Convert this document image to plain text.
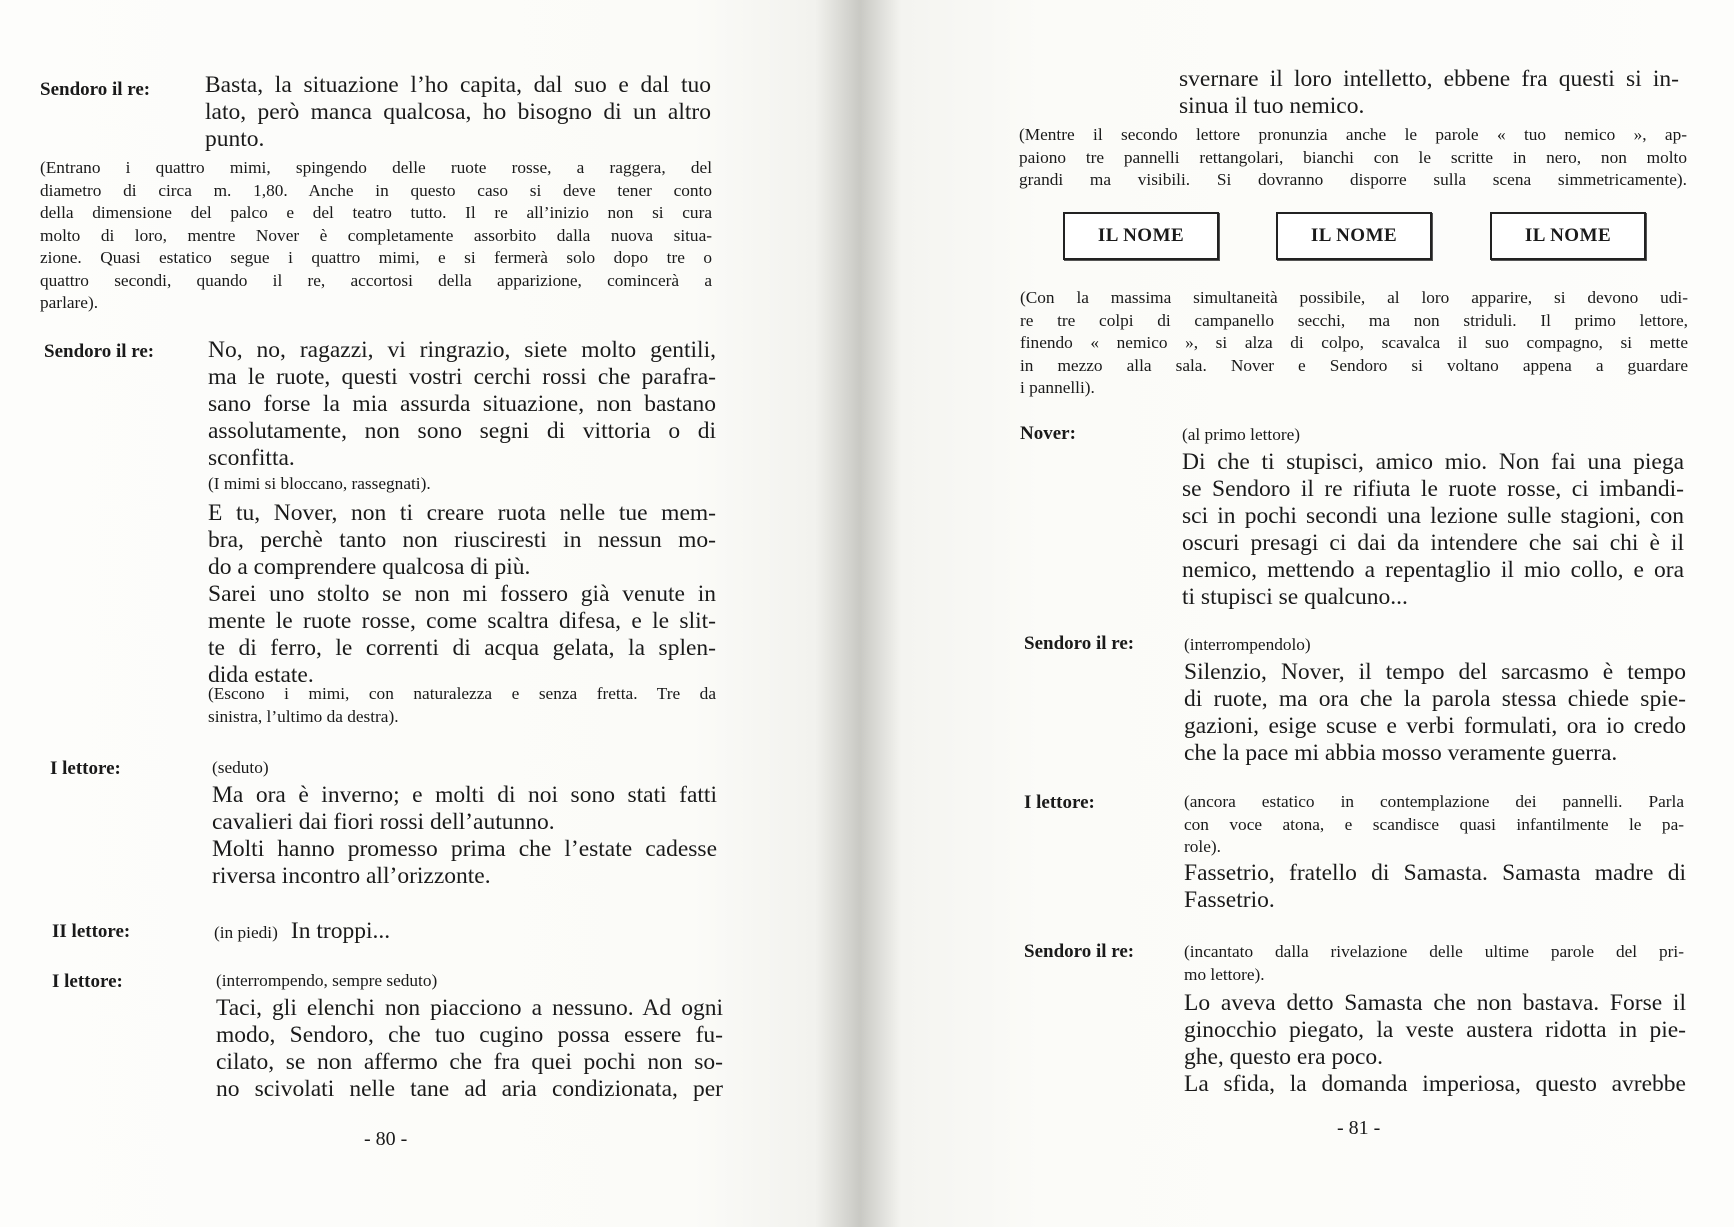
Sendoro il re: Basta, la situazione l’ho capita, dal suo e dal tuo
lato, però manca qualcosa, ho bisogno di un altro
punto.
(Entrano i quattro mimi, spingendo delle ruote rosse, a raggera, del
diametro di circa m. 1,80. Anche in questo caso si deve tener conto
della dimensione del palco e del teatro tutto. Il re all’inizio non si cura
molto di loro, mentre Nover è completamente assorbito dalla nuova situa-
zione. Quasi estatico segue i quattro mimi, e si fermerà solo dopo tre o
quattro secondi, quando il re, accortosi della apparizione, comincerà a
parlare).
Sendoro il re: No, no, ragazzi, vi ringrazio, siete molto gentili,
ma le ruote, questi vostri cerchi rossi che parafra-
sano forse la mia assurda situazione, non bastano
assolutamente, non sono segni di vittoria o di
sconfitta.
(I mimi si bloccano, rassegnati).
E tu, Nover, non ti creare ruota nelle tue mem-
bra, perchè tanto non riusciresti in nessun mo-
do a comprendere qualcosa di più.
Sarei uno stolto se non mi fossero già venute in
mente le ruote rosse, come scaltra difesa, e le slit-
te di ferro, le correnti di acqua gelata, la splen-
dida estate.
(Escono i mimi, con naturalezza e senza fretta. Tre da
sinistra, l’ultimo da destra).
I lettore:	(seduto)
Ma ora è inverno; e molti di noi sono stati fatti
cavalieri dai fiori rossi dell’autunno.
Molti hanno promesso prima che l’estate cadesse
riversa incontro all’orizzonte.
II lettore:	(in piedi) In troppi...
I lettore:	(interrompendo, sempre seduto)
Taci, gli elenchi non piacciono a nessuno. Ad ogni
modo, Sendoro, che tuo cugino possa essere fu-
cilato, se non affermo che fra quei pochi non so-
no scivolati nelle tane ad aria condizionata, per
- 80 -
svernare il loro intelletto, ebbene fra questi si in-
sinua il tuo nemico.
(Mentre il secondo lettore pronunzia anche le parole « tuo nemico », ap-
paiono tre pannelli rettangolari, bianchi con le scritte in nero, non molto
grandi ma visibili. Si dovranno disporre sulla scena simmetricamente).
IL NOME	IL NOME	IL NOME
(Con la massima simultaneità possibile, al loro apparire, si devono udi-
re tre colpi di campanello secchi, ma non striduli. Il primo lettore,
finendo « nemico », si alza di colpo, scavalca il suo compagno, si mette
in mezzo alla sala. Nover e Sendoro si voltano appena a guardare
i pannelli).
Nover:	(al primo lettore)
Di che ti stupisci, amico mio. Non fai una piega
se Sendoro il re rifiuta le ruote rosse, ci imbandi-
sci in pochi secondi una lezione sulle stagioni, con
oscuri presagi ci dai da intendere che sai chi è il
nemico, mettendo a repentaglio il mio collo, e ora
ti stupisci se qualcuno...
Sendoro il re:	(interrompendolo)
Silenzio, Nover, il tempo del sarcasmo è tempo
di ruote, ma ora che la parola stessa chiede spie-
gazioni, esige scuse e verbi formulati, ora io credo
che la pace mi abbia mosso veramente guerra.
I lettore:	(ancora estatico in contemplazione dei pannelli. Parla
con voce atona, e scandisce quasi infantilmente le pa-
role).
Fassetrio, fratello di Samasta. Samasta madre di
Fassetrio.
Sendoro il re:	(incantato dalla rivelazione delle ultime parole del pri-
mo lettore).
Lo aveva detto Samasta che non bastava. Forse il
ginocchio piegato, la veste austera ridotta in pie-
ghe, questo era poco.
La sfida, la domanda imperiosa, questo avrebbe
- 81 -
